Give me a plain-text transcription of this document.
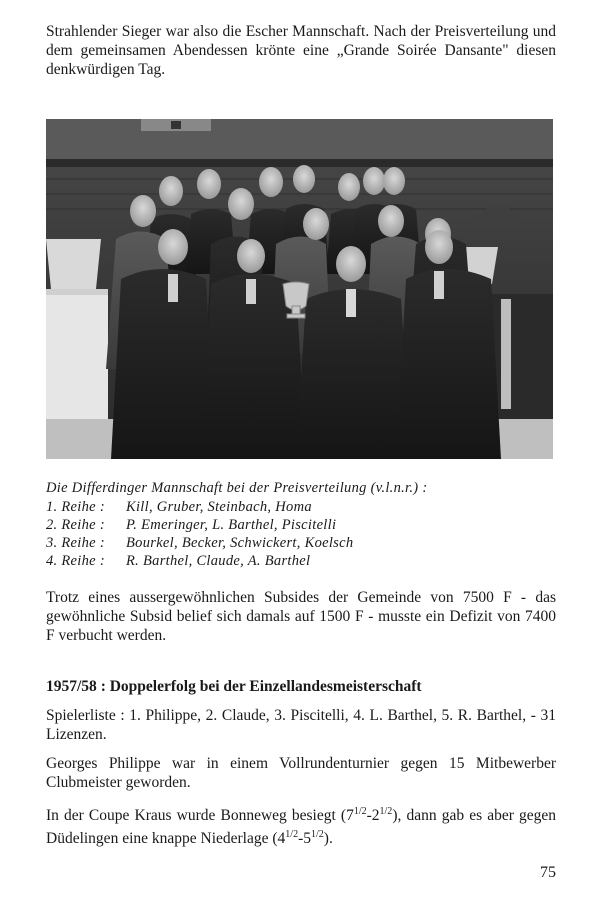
Strahlender Sieger war also die Escher Mannschaft. Nach der Preisverteilung und dem gemeinsamen Abendessen krönte eine „Grande Soirée Dansante" diesen denkwürdigen Tag.

Die Differdinger Mannschaft bei der Preisverteilung (v.l.n.r.) :
1. Reihe :	Kill, Gruber, Steinbach, Homa
2. Reihe :	P. Emeringer, L. Barthel, Piscitelli
3. Reihe :	Bourkel, Becker, Schwickert, Koelsch
4. Reihe :	R. Barthel, Claude, A. Barthel

Trotz eines aussergewöhnlichen Subsides der Gemeinde von 7500 F - das gewöhnliche Subsid belief sich damals auf 1500 F - musste ein Defizit von 7400 F verbucht werden.

1957/58 : Doppelerfolg bei der Einzellandesmeisterschaft

Spielerliste : 1. Philippe, 2. Claude, 3. Piscitelli, 4. L. Barthel, 5. R. Barthel, - 31 Lizenzen.

Georges Philippe war in einem Vollrundenturnier gegen 15 Mitbewerber Clubmeister geworden.

In der Coupe Kraus wurde Bonneweg besiegt $(7^{1/2}-2^{1/2})$, dann gab es aber gegen Düdelingen eine knappe Niederlage $(4^{1/2}-5^{1/2})$.

75
